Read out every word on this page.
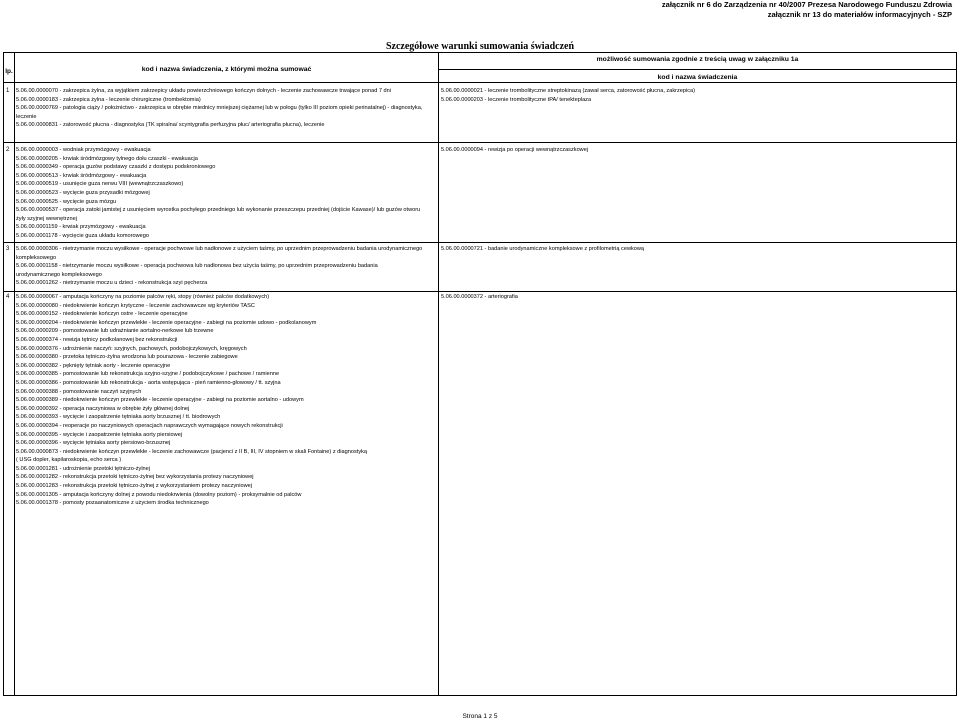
załącznik nr 6 do Zarządzenia nr 40/2007 Prezesa Narodowego Funduszu Zdrowia
załącznik nr 13 do materiałów informacyjnych - SZP
Szczegółowe warunki sumowania świadczeń
lp.	kod i nazwa świadczenia, z którymi można sumować
możliwość sumowania zgodnie z treścią uwag w załączniku 1a
kod i nazwa świadczenia
1 5.06.00.0000070 - zakrzepica żylna, za wyjątkiem zakrzepicy układu powierzchniowego kończyn dolnych - leczenie zachowawcze trwające ponad 7 dni
5.06.00.0000183 - zakrzepica żylna - leczenie chirurgiczne (trombektomia)
5.06.00.0000769 - patologia ciąży / położnictwo - zakrzepica w obrębie miednicy mniejszej ciężarnej lub w połogu (tylko III poziom opieki perinatalnej) - diagnostyka,
leczenie
5.06.00.0000831 - zatorowość płucna - diagnostyka (TK spiralna/ scyntygrafia perfuzyjna płuc/ arteriografia płucna), leczenie
5.06.00.0000021 - leczenie trombolityczne streptokinazą (zawał serca, zatorowość płucna, zakrzepica)
5.06.00.0000203 - leczenie trombolityczne tPA/ tenekteplaza
2 5.06.00.0000003 - wodniak przymózgowy - ewakuacja
5.06.00.0000205 - krwiak śródmózgowy tylnego dołu czaszki - ewakuacja
5.06.00.0000349 - operacja guzów podstawy czaszki z dostępu podskroniowego
5.06.00.0000513 - krwiak śródmózgowy - ewakuacja
5.06.00.0000519 - usunięcie guza nerwu VIII (wewnątrzczaszkowo)
5.06.00.0000523 - wycięcie guza przysadki mózgowej
5.06.00.0000525 - wycięcie guza mózgu
5.06.00.0000537 - operacja zatoki jamistej z usunięciem wyrostka pochyłego przedniego lub wykonanie przeszczepu przedniej (dojście Kawase)/ lub guzów otworu
żyły szyjnej wewnętrznej
5.06.00.0001159 - krwiak przymózgowy - ewakuacja
5.06.00.0001178 - wycięcie guza układu komorowego
5.06.00.0000094 - rewizja po operacji wewnątrzczaszkowej
3 5.06.00.0000306 - nietrzymanie moczu wysiłkowe - operacje pochwowe lub nadłonowe z użyciem taśmy, po uprzednim przeprowadzeniu badania urodynamicznego
kompleksowego
5.06.00.0001158 - nietrzymanie moczu wysiłkowe - operacja pochwowa lub nadłonowa bez użycia taśmy, po uprzednim przeprowadzeniu badania
urodynamicznego kompleksowego
5.06.00.0001262 - nietrzymanie moczu u dzieci - rekonstrukcja szyi pęcherza
5.06.00.0000721 - badanie urodynamiczne kompleksowe z profilometrią cewkową
4 5.06.00.0000067 - amputacja kończyny na poziomie palców ręki, stopy (również palców dodatkowych)
5.06.00.0000080 - niedokrwienie kończyn krytyczne - leczenie zachowawcze wg kryteriów TASC
5.06.00.0000152 - niedokrwienie kończyn ostre - leczenie operacyjne
5.06.00.0000204 - niedokrwienie kończyn przewlekłe - leczenie operacyjne - zabiegi na poziomie udowo - podkolanowym
5.06.00.0000209 - pomostowanie lub udrażnianie aortalno-nerkowe lub trzewne
5.06.00.0000374 - rewizja tętnicy podkolanowej bez rekonstrukcji
5.06.00.0000376 - udrożnienie naczyń: szyjnych, pachowych, podobojczykowych, kręgowych
5.06.00.0000380 - przetoka tętniczo-żylna wrodzona lub pourazowa - leczenie zabiegowe
5.06.00.0000382 - pęknięty tętniak aorty - leczenie operacyjne
5.06.00.0000385 - pomostowanie lub rekonstrukcja szyjno-szyjne / podobojczykowe / pachowe / ramienne
5.06.00.0000386 - pomostowanie lub rekonstrukcja - aorta wstępująca - pień ramienno-głowowy / tt. szyjna
5.06.00.0000388 - pomostowanie naczyń szyjnych
5.06.00.0000389 - niedokrwienie kończyn przewlekłe - leczenie operacyjne - zabiegi na poziomie aortalno - udowym
5.06.00.0000392 - operacja naczyniowa w obrębie żyły głównej dolnej
5.06.00.0000393 - wycięcie i zaopatrzenie tętniaka aorty brzusznej / tt. biodrowych
5.06.00.0000394 - reoperacje po naczyniowych operacjach naprawczych wymagające nowych rekonstrukcji
5.06.00.0000395 - wycięcie i zaopatrzenie tętniaka aorty piersiowej
5.06.00.0000396 - wycięcie tętniaka aorty piersiowo-brzusznej
5.06.00.0000873 - niedokrwienie kończyn przewlekłe - leczenie zachowawcze (pacjenci z II B, III, IV stopniem w skali Fontaine) z diagnostyką
( USG dopler, kapilaroskopia, echo serca )
5.06.00.0001281 - udrożnienie przetoki tętniczo-żylnej
5.06.00.0001282 - rekonstrukcja przetoki tętniczo-żylnej bez wykorzystania protezy naczyniowej
5.06.00.0001283 - rekonstrukcja przetoki tętniczo-żylnej z wykorzystaniem protezy naczyniowej
5.06.00.0001305 - amputacja kończyny dolnej z powodu niedokrwienia (dowolny poziom) - proksymalnie od palców
5.06.00.0001378 - pomosty pozaanatomiczne z użyciem środka technicznego
5.06.00.0000372 - arteriografia
Strona 1 z 5
